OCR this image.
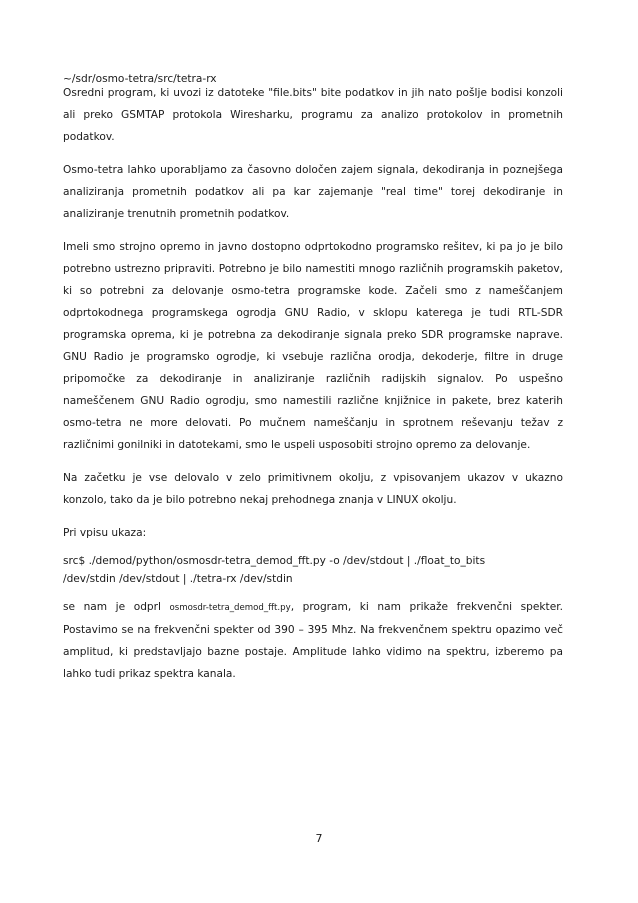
~/sdr/osmo-tetra/src/tetra-rx

Osredni program, ki uvozi iz datoteke "file.bits" bite podatkov in jih nato pošlje bodisi konzoli ali preko GSMTAP protokola Wiresharku, programu za analizo protokolov in prometnih podatkov.

Osmo-tetra lahko uporabljamo za časovno določen zajem signala, dekodiranja in poznejšega analiziranja prometnih podatkov ali pa kar zajemanje "real time" torej dekodiranje in analiziranje trenutnih prometnih podatkov.

Imeli smo strojno opremo in javno dostopno odprtokodno programsko rešitev, ki pa jo je bilo potrebno ustrezno pripraviti. Potrebno je bilo namestiti mnogo različnih programskih paketov, ki so potrebni za delovanje osmo-tetra programske kode. Začeli smo z nameščanjem odprtokodnega programskega ogrodja GNU Radio, v sklopu katerega je tudi RTL-SDR programska oprema, ki je potrebna za dekodiranje signala preko SDR programske naprave. GNU Radio je programsko ogrodje, ki vsebuje različna orodja, dekoderje, filtre in druge pripomočke za dekodiranje in analiziranje različnih radijskih signalov. Po uspešno nameščenem GNU Radio ogrodju, smo namestili različne knjižnice in pakete, brez katerih osmo-tetra ne more delovati. Po mučnem nameščanju in sprotnem reševanju težav z različnimi gonilniki in datotekami, smo le uspeli usposobiti strojno opremo za delovanje.

Na začetku je vse delovalo v zelo primitivnem okolju, z vpisovanjem ukazov v ukazno konzolo, tako da je bilo potrebno nekaj prehodnega znanja v LINUX okolju.

Pri vpisu ukaza:

src$ ./demod/python/osmosdr-tetra_demod_fft.py -o /dev/stdout | ./float_to_bits

/dev/stdin /dev/stdout | ./tetra-rx /dev/stdin

se nam je odprl osmosdr-tetra_demod_fft.py, program, ki nam prikaže frekvenčni spekter. Postavimo se na frekvenčni spekter od 390 – 395 Mhz. Na frekvenčnem spektru opazimo več amplitud, ki predstavljajo bazne postaje. Amplitude lahko vidimo na spektru, izberemo pa lahko tudi prikaz spektra kanala.

7
